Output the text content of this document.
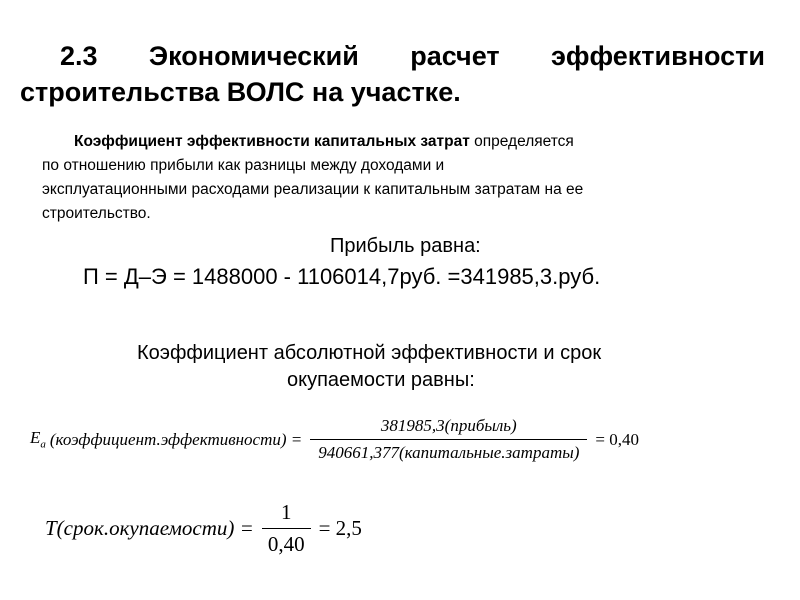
2.3 Экономический расчет эффективности
строительства ВОЛС на участке.
Коэффициент эффективности капитальных затрат определяется
по отношению прибыли как разницы между доходами и
эксплуатационными расходами реализации к капитальным затратам на ее
строительство.
Прибыль равна:
П = Д–Э = 1488000 - 1106014,7руб. =341985,3.руб.
Коэффициент абсолютной эффективности и срок
окупаемости равны:
$E_a$ (коэффициент.эффективности) = $\frac{\text{381985,3(прибыль)}}{\text{940661,377(капитальные.затраты)}} = 0,40$
T(срок.окупаемости) = $\frac{1}{0,40} = 2,5$
